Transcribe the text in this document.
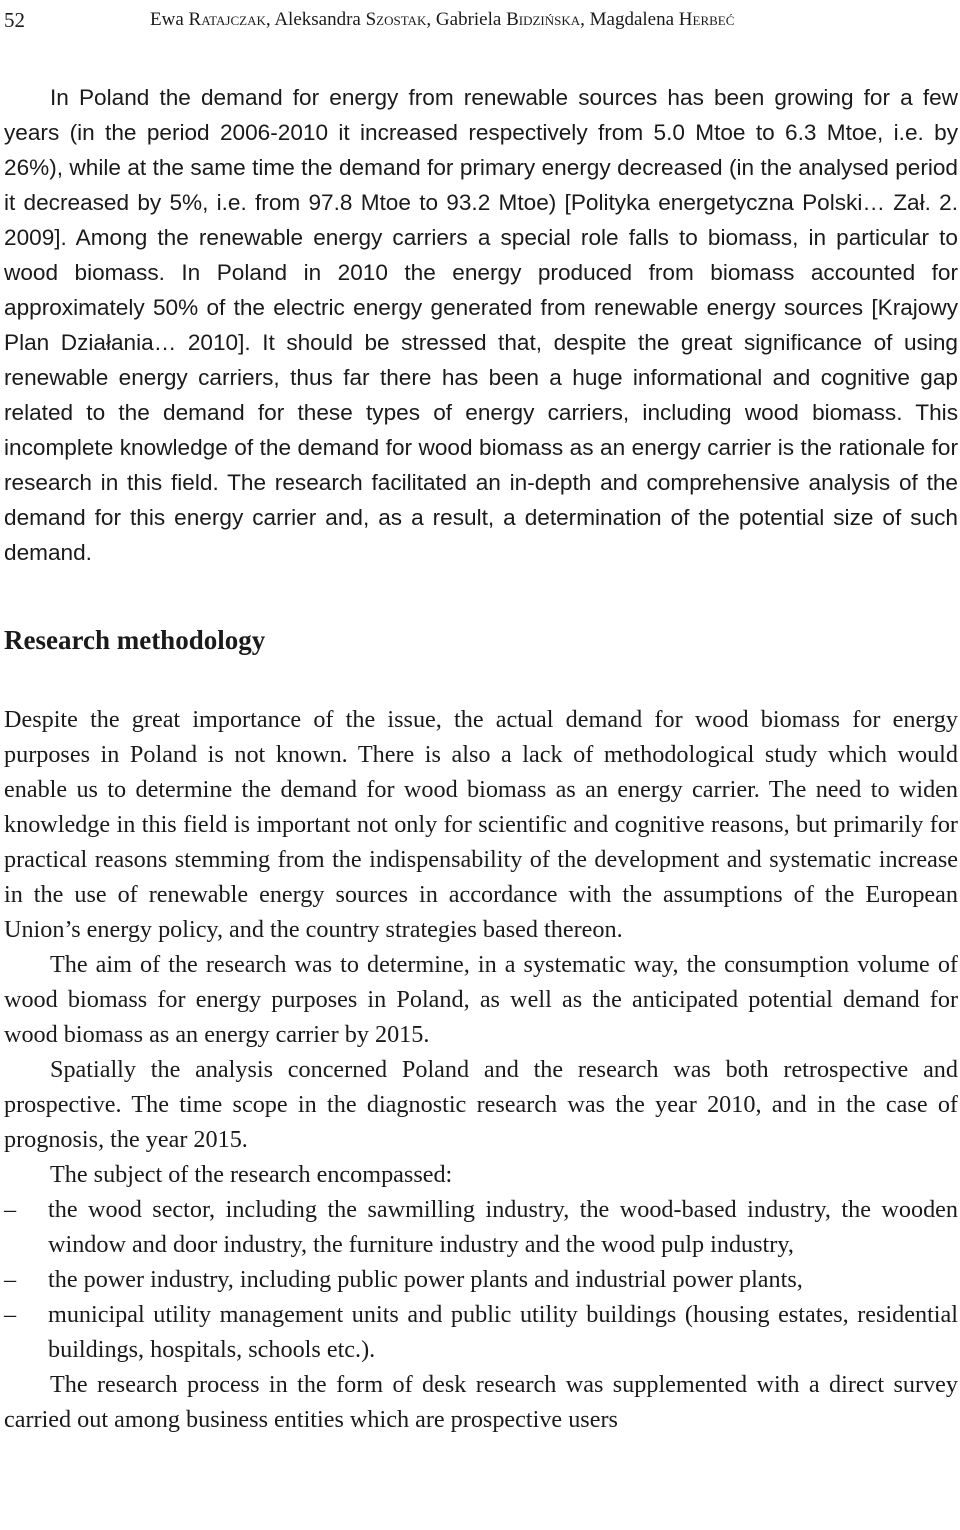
52	Ewa Ratajczak, Aleksandra Szostak, Gabriela Bidzińska, Magdalena Herbeć

In Poland the demand for energy from renewable sources has been growing for a few years (in the period 2006-2010 it increased respectively from 5.0 Mtoe to 6.3 Mtoe, i.e. by 26%), while at the same time the demand for primary energy decreased (in the analysed period it decreased by 5%, i.e. from 97.8 Mtoe to 93.2 Mtoe) [Polityka energetyczna Polski… Zał. 2. 2009]. Among the renewable energy carriers a special role falls to biomass, in particular to wood biomass. In Poland in 2010 the energy produced from biomass accounted for approximately 50% of the electric energy generated from renewable energy sources [Krajowy Plan Działania… 2010]. It should be stressed that, despite the great significance of using renewable energy carriers, thus far there has been a huge informational and cognitive gap related to the demand for these types of energy carriers, including wood biomass. This incomplete knowledge of the demand for wood biomass as an energy carrier is the rationale for research in this field. The research facilitated an in-depth and comprehensive analysis of the demand for this energy carrier and, as a result, a determination of the potential size of such demand.

Research methodology

Despite the great importance of the issue, the actual demand for wood biomass for energy purposes in Poland is not known. There is also a lack of methodological study which would enable us to determine the demand for wood biomass as an energy carrier. The need to widen knowledge in this field is important not only for scientific and cognitive reasons, but primarily for practical reasons stemming from the indispensability of the development and systematic increase in the use of renewable energy sources in accordance with the assumptions of the European Union’s energy policy, and the country strategies based thereon.

The aim of the research was to determine, in a systematic way, the consumption volume of wood biomass for energy purposes in Poland, as well as the anticipated potential demand for wood biomass as an energy carrier by 2015.

Spatially the analysis concerned Poland and the research was both retrospective and prospective. The time scope in the diagnostic research was the year 2010, and in the case of prognosis, the year 2015.

The subject of the research encompassed:

– the wood sector, including the sawmilling industry, the wood-based industry, the wooden window and door industry, the furniture industry and the wood pulp industry,
– the power industry, including public power plants and industrial power plants,
– municipal utility management units and public utility buildings (housing estates, residential buildings, hospitals, schools etc.).

The research process in the form of desk research was supplemented with a direct survey carried out among business entities which are prospective users
